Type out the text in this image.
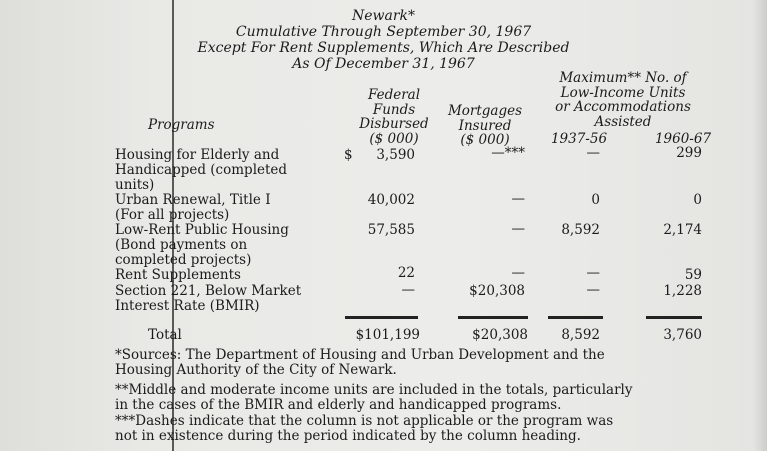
Newark*
Cumulative Through September 30, 1967
Except For Rent Supplements, Which Are Described
As Of December 31, 1967
Programs
Federal
Funds
Disbursed
($ 000)
Mortgages
Insured
($ 000)
Maximum** No. of
Low-Income Units
or Accommodations
Assisted
1937-56	1960-67
Housing for Elderly and
Handicapped (completed
units)
$	3,590	—***	—	299
Urban Renewal, Title I
(For all projects)
40,002	—	0	0
Low-Rent Public Housing
(Bond payments on
completed projects)
57,585	—	8,592	2,174
Rent Supplements	22	—	—	59
Section 221, Below Market
Interest Rate (BMIR)
—	$20,308	—	1,228
Total	$101,199	$20,308	8,592	3,760
*Sources: The Department of Housing and Urban Development and the
Housing Authority of the City of Newark.
**Middle and moderate income units are included in the totals, particularly
in the cases of the BMIR and elderly and handicapped programs.
***Dashes indicate that the column is not applicable or the program was
not in existence during the period indicated by the column heading.
